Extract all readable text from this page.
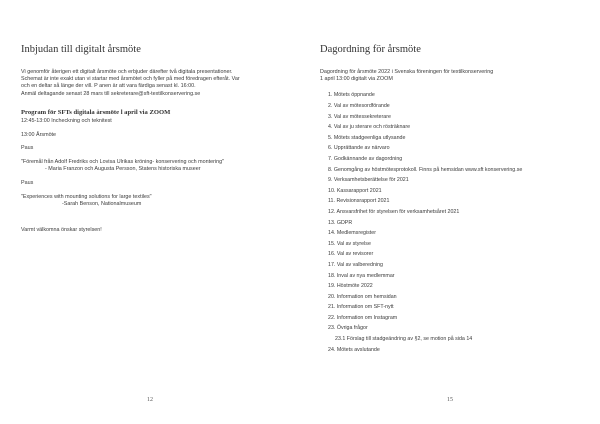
Inbjudan till digitalt årsmöte

Vi genomför återigen ett digitalt årsmöte och erbjuder därefter två digitala presentationer.

Schemat är inte exakt utan vi startar med årsmötet och fyller på med föredragen efteråt. Var

och en deltar så länge der vill. P anen är att vara färdiga senast kl. 16:00.

Anmäl deltagande senast 28 mars till sekreterare@sft-textilkonservering.se

Program för SFTs digitala årsmöte l april via ZOOM

12:45-13:00 Incheckning och teknitest

13:00 Årsmöte

Paus

"Föremål från Adolf Fredriks och Lovisa Ulrikas kröning- konservering och montering"

- Maria Franzon och Augusta Persson, Statens historiska museer

Paus

"Experiences with mounting solutions for large textiles"

-Sarah Benson, Nationalmuseum

Varmt välkomna önskar styrelsen!

12
Dagordning för årsmöte

Dagordning för årsmöte 2022 i Svenska föreningen för textilkonservering

1 april 13:00 digitalt via ZOOM

1. Mötets öppnande
2. Val av mötesordförande
3. Val av mötessekreterare
4. Val av ju sterare och rösträknare
5. Mötets stadgeenliga utlysande
6. Upprättande av närvaro
7. Godkännande av dagordning
8. Genomgång av höstmötesprotokoll. Finns på hemsidan www.sft konservering.se
9. Verksamhetsberättelse för 2021
10. Kassarapport 2021
11. Revisionsrapport 2021
12. Ansvarsfrihet för styrelsen för verksamhetsåret 2021
13. GDPR
14. Medlemsregister
15. Val av styrelse
16. Val av revisorer
17. Val av valberedning
18. Inval av nya medlemmar
19. Höstmöte 2022
20. Information om hemsidan
21. Information om SFT-nytt
22. Information om Instagram
23. Övriga frågor
23.1 Förslag till stadgeändring av §2, se motion på sida 14
24. Mötets avslutande
15
